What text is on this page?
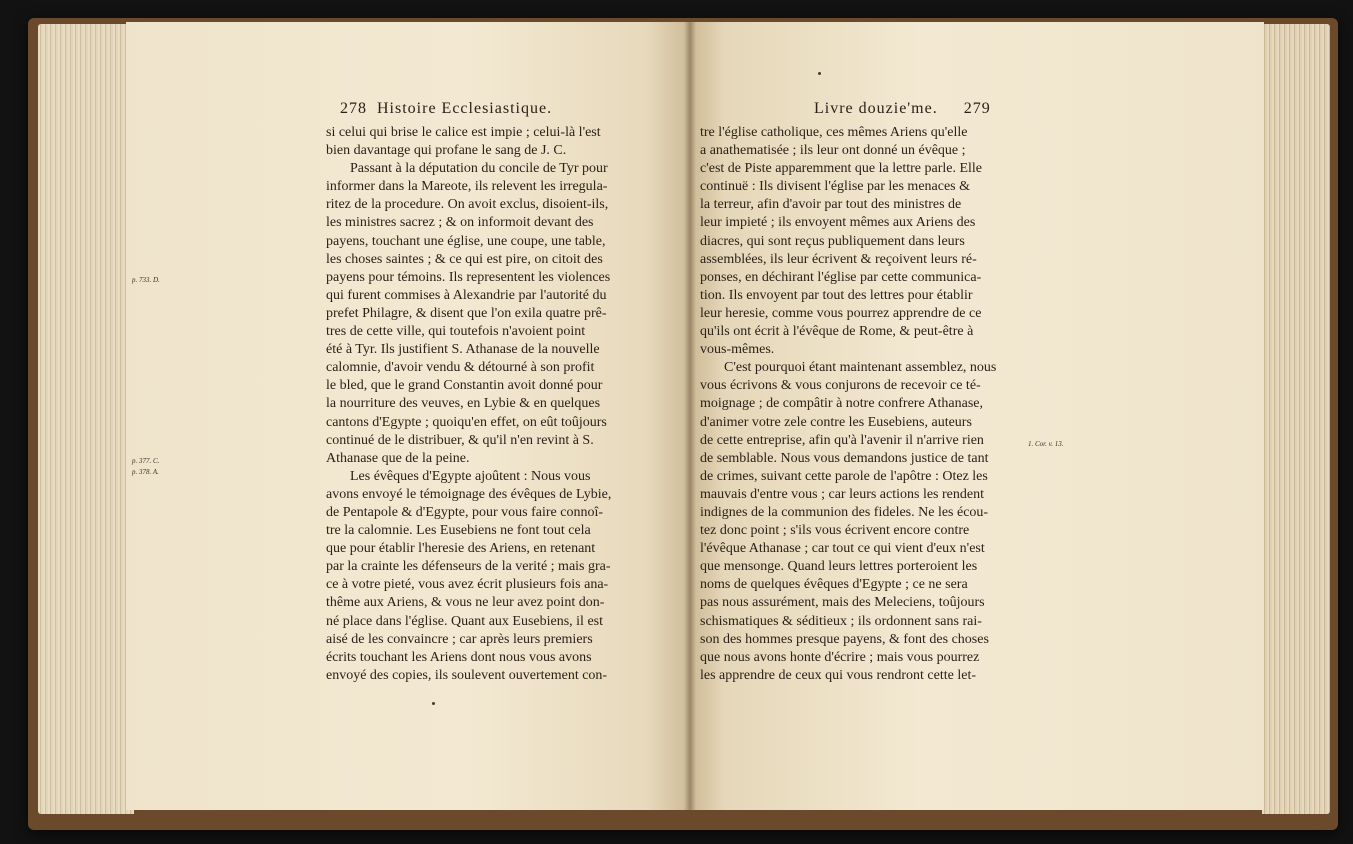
278 Histoire Ecclesiastique.
p. 733. D.
p. 377. C.
si celui qui brise le calice est impie ; celui-là l'est
bien davantage qui profane le sang de J. C.
Passant à la députation du concile de Tyr pour
informer dans la Mareote, ils relevent les irregula-
ritez de la procedure. On avoit exclus, disoient-ils,
les ministres sacrez ; & on informoit devant des
payens, touchant une église, une coupe, une table,
les choses saintes ; & ce qui est pire, on citoit des
payens pour témoins. Ils representent les violences
qui furent commises à Alexandrie par l'autorité du
prefet Philagre, & disent que l'on exila quatre prê-
tres de cette ville, qui toutefois n'avoient point
été à Tyr. Ils justifient S. Athanase de la nouvelle
calomnie, d'avoir vendu & détourné à son profit
le bled, que le grand Constantin avoit donné pour
la nourriture des veuves, en Lybie & en quelques
cantons d'Egypte ; quoiqu'en effet, on eût toûjours
continué de le distribuer, & qu'il n'en revint à S.
Athanase que de la peine.
Les évêques d'Egypte ajoûtent : Nous vous
avons envoyé le témoignage des évêques de Lybie,
de Pentapole & d'Egypte, pour vous faire connoî-
tre la calomnie. Les Eusebiens ne font tout cela
que pour établir l'heresie des Ariens, en retenant
par la crainte les défenseurs de la verité ; mais gra-
ce à votre pieté, vous avez écrit plusieurs fois ana-
thême aux Ariens, & vous ne leur avez point don-
né place dans l'église. Quant aux Eusebiens, il est
aisé de les convaincre ; car après leurs premiers
écrits touchant les Ariens dont nous vous avons
envoyé des copies, ils soulevent ouvertement con-
p. 378. A.
Livre douzie'me. 279
tre l'église catholique, ces mêmes Ariens qu'elle
a anathematisée ; ils leur ont donné un évêque ;
c'est de Piste apparemment que la lettre parle. Elle
continuë : Ils divisent l'église par les menaces &
la terreur, afin d'avoir par tout des ministres de
leur impieté ; ils envoyent mêmes aux Ariens des
diacres, qui sont reçus publiquement dans leurs
assemblées, ils leur écrivent & reçoivent leurs ré-
ponses, en déchirant l'église par cette communica-
tion. Ils envoyent par tout des lettres pour établir
leur heresie, comme vous pourrez apprendre de ce
qu'ils ont écrit à l'évêque de Rome, & peut-être à
vous-mêmes.
C'est pourquoi étant maintenant assemblez, nous
vous écrivons & vous conjurons de recevoir ce té-
moignage ; de compâtir à notre confrere Athanase,
d'animer votre zele contre les Eusebiens, auteurs
de cette entreprise, afin qu'à l'avenir il n'arrive rien
de semblable. Nous vous demandons justice de tant
de crimes, suivant cette parole de l'apôtre : Otez les
mauvais d'entre vous ; car leurs actions les rendent
indignes de la communion des fideles. Ne les écou-
tez donc point ; s'ils vous écrivent encore contre
l'évêque Athanase ; car tout ce qui vient d'eux n'est
que mensonge. Quand leurs lettres porteroient les
noms de quelques évêques d'Egypte ; ce ne sera
pas nous assurément, mais des Meleciens, toûjours
schismatiques & séditieux ; ils ordonnent sans rai-
son des hommes presque payens, & font des choses
que nous avons honte d'écrire ; mais vous pourrez
les apprendre de ceux qui vous rendront cette let-
1. Cor. v. 13.
